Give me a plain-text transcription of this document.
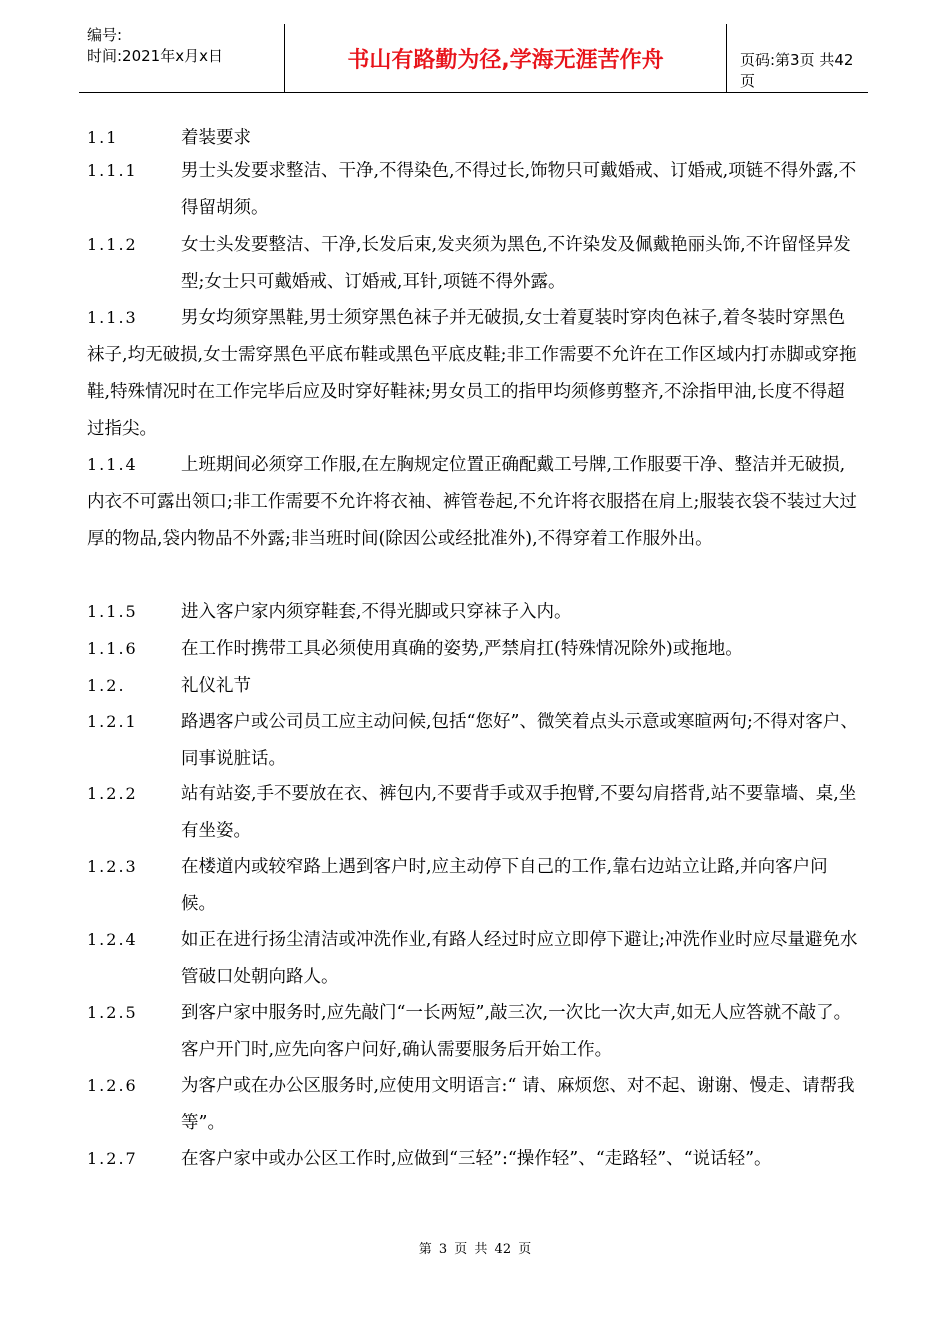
编号:
时间:2021年x月x日	书山有路勤为径,学海无涯苦作舟	页码:第3页 共42页
1.1	着装要求
1.1.1 男士头发要求整洁、干净,不得染色,不得过长,饰物只可戴婚戒、订婚戒,项链不得外露,不得留胡须。
1.1.2 女士头发要整洁、干净,长发后束,发夹须为黑色,不许染发及佩戴艳丽头饰,不许留怪异发型;女士只可戴婚戒、订婚戒,耳针,项链不得外露。
1.1.3	男女均须穿黑鞋,男士须穿黑色袜子并无破损,女士着夏装时穿肉色袜子,着冬装时穿黑色袜子,均无破损,女士需穿黑色平底布鞋或黑色平底皮鞋;非工作需要不允许在工作区域内打赤脚或穿拖鞋,特殊情况时在工作完毕后应及时穿好鞋袜;男女员工的指甲均须修剪整齐,不涂指甲油,长度不得超过指尖。
1.1.4	上班期间必须穿工作服,在左胸规定位置正确配戴工号牌,工作服要干净、整洁并无破损,内衣不可露出领口;非工作需要不允许将衣袖、裤管卷起,不允许将衣服搭在肩上;服装衣袋不装过大过厚的物品,袋内物品不外露;非当班时间(除因公或经批准外),不得穿着工作服外出。
1.1.5 进入客户家内须穿鞋套,不得光脚或只穿袜子入内。
1.1.6 在工作时携带工具必须使用真确的姿势,严禁肩扛(特殊情况除外)或拖地。
1.2.	礼仪礼节
1.2.1 路遇客户或公司员工应主动问候,包括“您好”、微笑着点头示意或寒暄两句;不得对客户、同事说脏话。
1.2.2 站有站姿,手不要放在衣、裤包内,不要背手或双手抱臂,不要勾肩搭背,站不要靠墙、桌,坐有坐姿。
1.2.3 在楼道内或较窄路上遇到客户时,应主动停下自己的工作,靠右边站立让路,并向客户问候。
1.2.4 如正在进行扬尘清洁或冲洗作业,有路人经过时应立即停下避让;冲洗作业时应尽量避免水管破口处朝向路人。
1.2.5 到客户家中服务时,应先敲门“一长两短”,敲三次,一次比一次大声,如无人应答就不敲了。客户开门时,应先向客户问好,确认需要服务后开始工作。
1.2.6 为客户或在办公区服务时,应使用文明语言:“ 请、麻烦您、对不起、谢谢、慢走、请帮我等”。
1.2.7	在客户家中或办公区工作时,应做到“三轻”:“操作轻”、“走路轻”、“说话轻”。
第 3 页 共 42 页
